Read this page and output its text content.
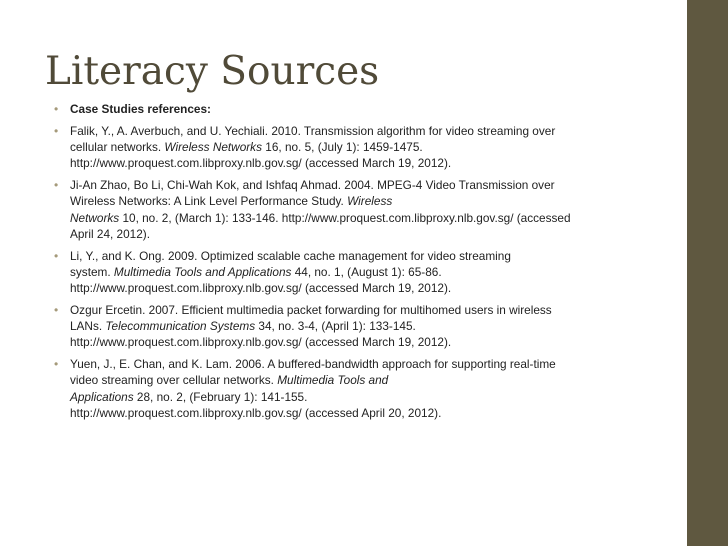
Literacy Sources
• Case Studies references:
• Falik, Y., A. Averbuch, and U. Yechiali. 2010. Transmission algorithm for video streaming over
cellular networks. Wireless Networks 16, no. 5, (July 1): 1459-1475.
http://www.proquest.com.libproxy.nlb.gov.sg/ (accessed March 19, 2012).
• Ji-An Zhao, Bo Li, Chi-Wah Kok, and Ishfaq Ahmad. 2004. MPEG-4 Video Transmission over
Wireless Networks: A Link Level Performance Study. Wireless
Networks 10, no. 2, (March 1): 133-146. http://www.proquest.com.libproxy.nlb.gov.sg/ (accessed
April 24, 2012).
• Li, Y., and K. Ong. 2009. Optimized scalable cache management for video streaming
system. Multimedia Tools and Applications 44, no. 1, (August 1): 65-86.
http://www.proquest.com.libproxy.nlb.gov.sg/ (accessed March 19, 2012).
• Ozgur Ercetin. 2007. Efficient multimedia packet forwarding for multihomed users in wireless
LANs. Telecommunication Systems 34, no. 3-4, (April 1): 133-145.
http://www.proquest.com.libproxy.nlb.gov.sg/ (accessed March 19, 2012).
• Yuen, J., E. Chan, and K. Lam. 2006. A buffered-bandwidth approach for supporting real-time
video streaming over cellular networks. Multimedia Tools and
Applications 28, no. 2, (February 1): 141-155.
http://www.proquest.com.libproxy.nlb.gov.sg/ (accessed April 20, 2012).
